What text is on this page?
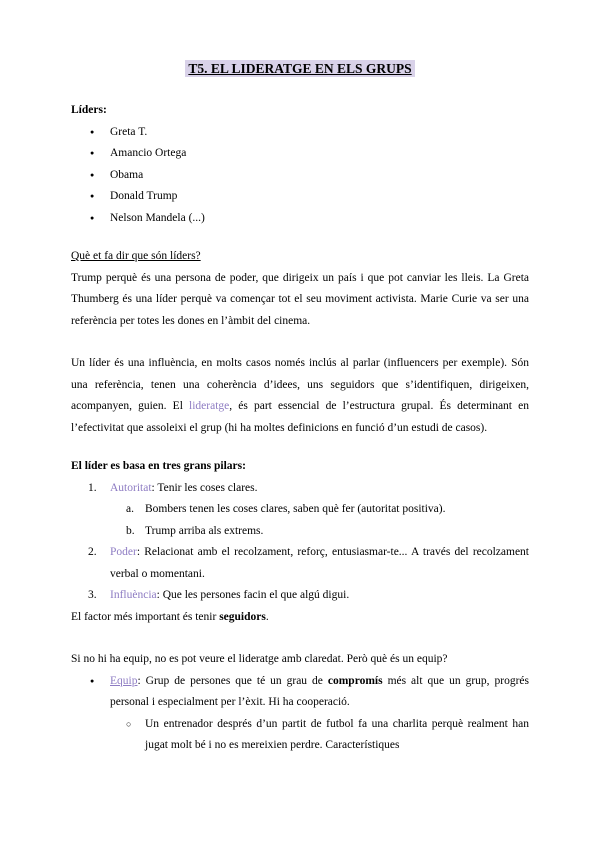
T5. EL LIDERATGE EN ELS GRUPS

Líders:

● Greta T.
● Amancio Ortega
● Obama
● Donald Trump
● Nelson Mandela (...)

Què et fa dir que són líders?

Trump perquè és una persona de poder, que dirigeix un país i que pot canviar les lleis. La Greta Thumberg és una líder perquè va començar tot el seu moviment activista. Marie Curie va ser una referència per totes les dones en l’àmbit del cinema.

Un líder és una influència, en molts casos només inclús al parlar (influencers per exemple). Són una referència, tenen una coherència d’idees, uns seguidors que s’identifiquen, dirigeixen, acompanyen, guien. El lideratge, és part essencial de l’estructura grupal. És determinant en l’efectivitat que assoleixi el grup (hi ha moltes definicions en funció d’un estudi de casos).

El líder es basa en tres grans pilars:

Autoritat: Tenir les coses clares.
Bombers tenen les coses clares, saben què fer (autoritat positiva).
Trump arriba als extrems.
Poder: Relacionat amb el recolzament, reforç, entusiasmar-te... A través del recolzament verbal o momentani.
Influència: Que les persones facin el que algú digui.

El factor més important és tenir seguidors.

Si no hi ha equip, no es pot veure el lideratge amb claredat. Però què és un equip?

● Equip: Grup de persones que té un grau de compromís més alt que un grup, progrés personal i especialment per l’èxit. Hi ha cooperació.
○ Un entrenador després d’un partit de futbol fa una charlita perquè realment han jugat molt bé i no es mereixien perdre. Característiques
